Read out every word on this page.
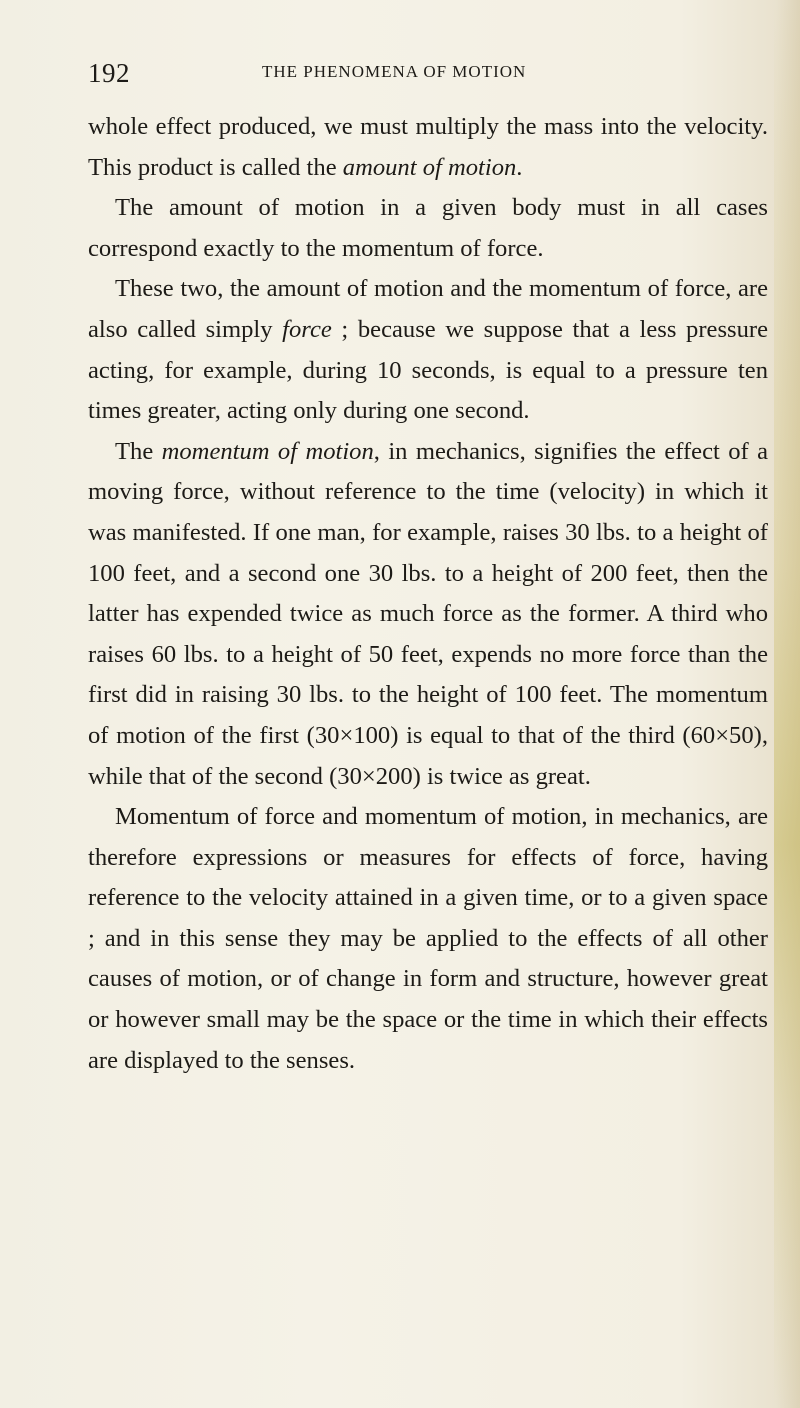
192	THE PHENOMENA OF MOTION

whole effect produced, we must multiply the mass into the velocity. This product is called the amount of motion.

The amount of motion in a given body must in all cases correspond exactly to the momentum of force.

These two, the amount of motion and the momentum of force, are also called simply force ; because we suppose that a less pressure acting, for example, during 10 seconds, is equal to a pressure ten times greater, acting only during one second.

The momentum of motion, in mechanics, signifies the effect of a moving force, without reference to the time (velocity) in which it was manifested. If one man, for example, raises 30 lbs. to a height of 100 feet, and a second one 30 lbs. to a height of 200 feet, then the latter has expended twice as much force as the former. A third who raises 60 lbs. to a height of 50 feet, expends no more force than the first did in raising 30 lbs. to the height of 100 feet. The momentum of motion of the first (30×100) is equal to that of the third (60×50), while that of the second (30×200) is twice as great.

Momentum of force and momentum of motion, in mechanics, are therefore expressions or measures for effects of force, having reference to the velocity attained in a given time, or to a given space ; and in this sense they may be applied to the effects of all other causes of motion, or of change in form and structure, however great or however small may be the space or the time in which their effects are displayed to the senses.
